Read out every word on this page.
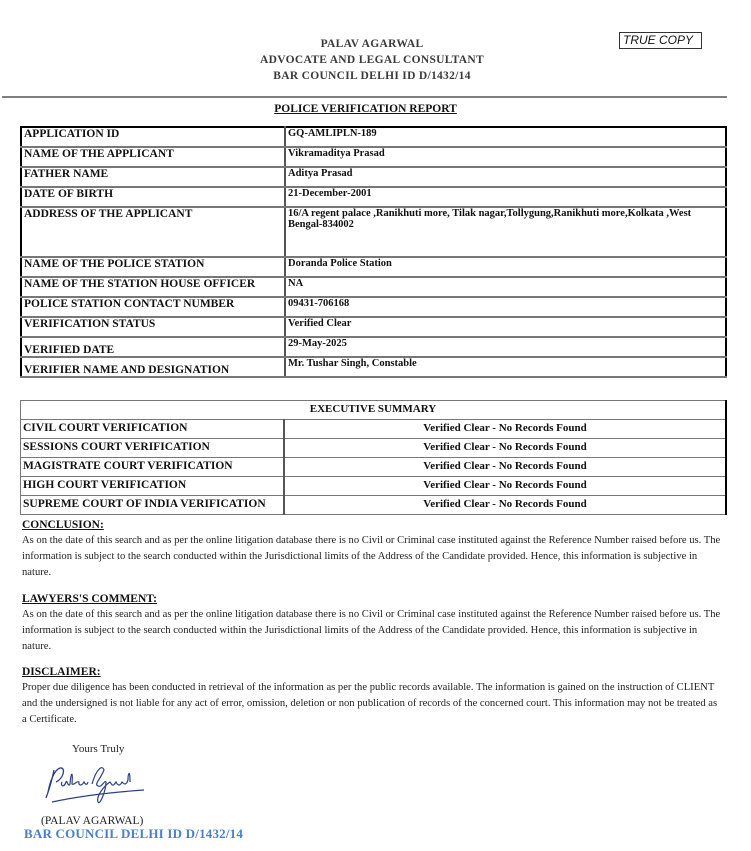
PALAV AGARWAL
ADVOCATE AND LEGAL CONSULTANT
BAR COUNCIL DELHI ID D/1432/14
TRUE COPY
POLICE VERIFICATION REPORT
APPLICATION ID	GQ-AMLIPLN-189
NAME OF THE APPLICANT	Vikramaditya Prasad
FATHER NAME	Aditya Prasad
DATE OF BIRTH	21-December-2001
ADDRESS OF THE APPLICANT	16/A regent palace ,Ranikhuti more, Tilak nagar,Tollygung,Ranikhuti more,Kolkata ,West Bengal-834002
NAME OF THE POLICE STATION	Doranda Police Station
NAME OF THE STATION HOUSE OFFICER	NA
POLICE STATION CONTACT NUMBER	09431-706168
VERIFICATION STATUS	Verified Clear
VERIFIED DATE	29-May-2025
VERIFIER NAME AND DESIGNATION	Mr. Tushar Singh, Constable
EXECUTIVE SUMMARY	
CIVIL COURT VERIFICATION	Verified Clear - No Records Found
SESSIONS COURT VERIFICATION	Verified Clear - No Records Found
MAGISTRATE COURT VERIFICATION	Verified Clear - No Records Found
HIGH COURT VERIFICATION	Verified Clear - No Records Found
SUPREME COURT OF INDIA VERIFICATION	Verified Clear - No Records Found
CONCLUSION:
As on the date of this search and as per the online litigation database there is no Civil or Criminal case instituted against the Reference Number raised before us. The information is subject to the search conducted within the Jurisdictional limits of the Address of the Candidate provided. Hence, this information is subjective in nature.
LAWYERS'S COMMENT:
As on the date of this search and as per the online litigation database there is no Civil or Criminal case instituted against the Reference Number raised before us. The information is subject to the search conducted within the Jurisdictional limits of the Address of the Candidate provided. Hence, this information is subjective in nature.
DISCLAIMER:
Proper due diligence has been conducted in retrieval of the information as per the public records available. The information is gained on the instruction of CLIENT and the undersigned is not liable for any act of error, omission, deletion or non publication of records of the concerned court. This information may not be treated as a Certificate.
Yours Truly
(PALAV AGARWAL)
BAR COUNCIL DELHI ID D/1432/14
